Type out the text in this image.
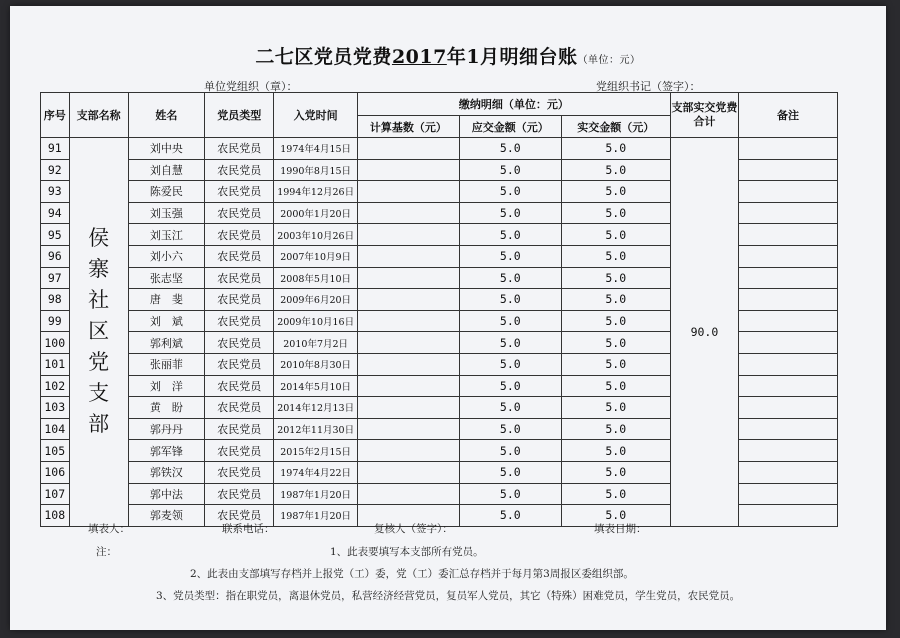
二七区党员党费2017年1月明细台账（单位：元）
单位党组织（章）：	党组织书记（签字）：
序号	支部名称	姓名	党员类型	入党时间	缴纳明细（单位：元）			支部实交党费合计	备注
					计算基数（元）	应交金额（元）	实交金额（元）		
91	侯寨社区党支部	刘中央	农民党员	1974年4月15日		5.0	5.0	90.0	
92		刘自慧	农民党员	1990年8月15日		5.0	5.0		
93		陈爱民	农民党员	1994年12月26日		5.0	5.0		
94		刘玉强	农民党员	2000年1月20日		5.0	5.0		
95		刘玉江	农民党员	2003年10月26日		5.0	5.0		
96		刘小六	农民党员	2007年10月9日		5.0	5.0		
97		张志坚	农民党员	2008年5月10日		5.0	5.0		
98		唐　斐	农民党员	2009年6月20日		5.0	5.0		
99		刘　斌	农民党员	2009年10月16日		5.0	5.0		
100		郭利斌	农民党员	2010年7月2日		5.0	5.0		
101		张丽菲	农民党员	2010年8月30日		5.0	5.0		
102		刘　洋	农民党员	2014年5月10日		5.0	5.0		
103		黄　盼	农民党员	2014年12月13日		5.0	5.0		
104		郭丹丹	农民党员	2012年11月30日		5.0	5.0		
105		郭军锋	农民党员	2015年2月15日		5.0	5.0		
106		郭铁汉	农民党员	1974年4月22日		5.0	5.0		
107		郭中法	农民党员	1987年1月20日		5.0	5.0		
108		郭麦领	农民党员	1987年1月20日		5.0	5.0		
填表人：	联系电话：	复核人（签字）：	填表日期：
注：	1、此表要填写本支部所有党员。
2、此表由支部填写存档并上报党（工）委，党（工）委汇总存档并于每月第3周报区委组织部。
3、党员类型：指在职党员，离退休党员，私营经济经营党员，复员军人党员，其它（特殊）困难党员，学生党员，农民党员。
